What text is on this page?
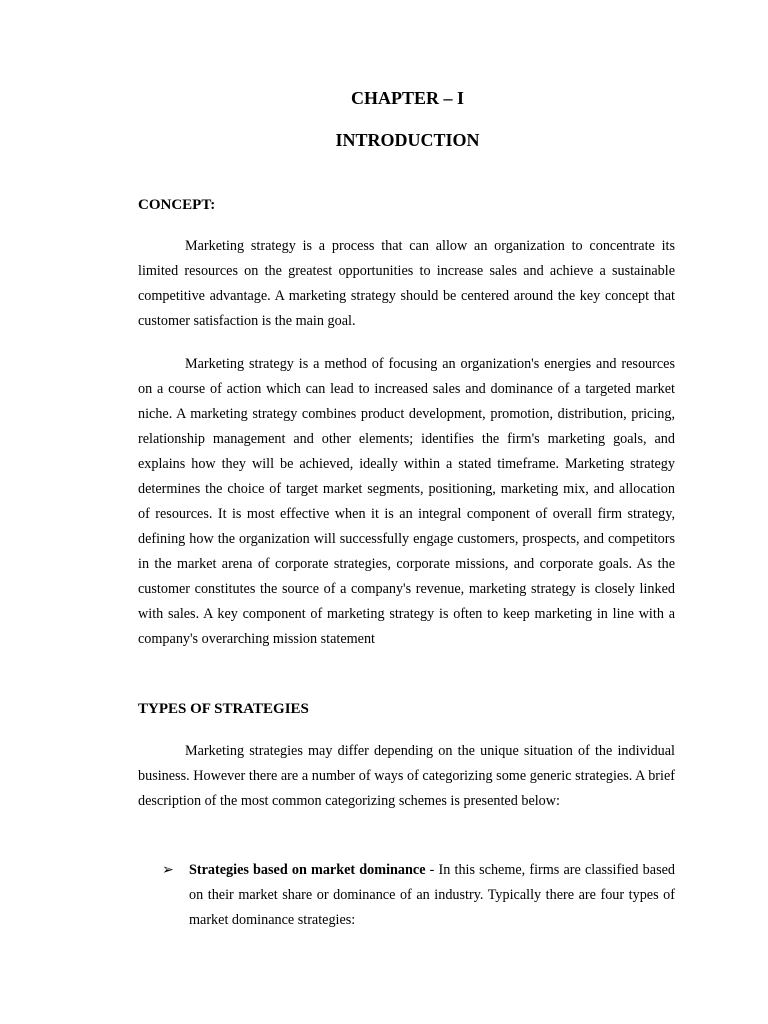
CHAPTER – I
INTRODUCTION
CONCEPT:

Marketing strategy is a process that can allow an organization to concentrate its limited resources on the greatest opportunities to increase sales and achieve a sustainable competitive advantage. A marketing strategy should be centered around the key concept that customer satisfaction is the main goal.

Marketing strategy is a method of focusing an organization's energies and resources on a course of action which can lead to increased sales and dominance of a targeted market niche. A marketing strategy combines product development, promotion, distribution, pricing, relationship management and other elements; identifies the firm's marketing goals, and explains how they will be achieved, ideally within a stated timeframe. Marketing strategy determines the choice of target market segments, positioning, marketing mix, and allocation of resources. It is most effective when it is an integral component of overall firm strategy, defining how the organization will successfully engage customers, prospects, and competitors in the market arena of corporate strategies, corporate missions, and corporate goals. As the customer constitutes the source of a company's revenue, marketing strategy is closely linked with sales. A key component of marketing strategy is often to keep marketing in line with a company's overarching mission statement

TYPES OF STRATEGIES

Marketing strategies may differ depending on the unique situation of the individual business. However there are a number of ways of categorizing some generic strategies. A brief description of the most common categorizing schemes is presented below:

➢	Strategies based on market dominance - In this scheme, firms are classified based on their market share or dominance of an industry. Typically there are four types of market dominance strategies:
